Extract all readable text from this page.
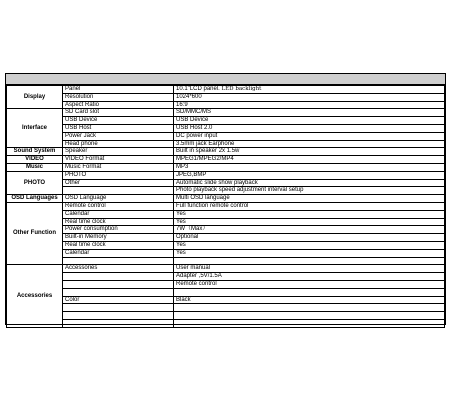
Display	Panel	10.1"LCD panel. LED backlight
	Resolution	1024*600
	Aspect Ratio	16:9
Interface	SD Card slot	SD/MMC/MS
	USB Device	USB Device
	USB Host	USB Host 2.0
	Power Jack	DC power input
	Head phone	3.5mm jack Earphone
Sound System	Speaker	Built in speaker 2x 1.5w
VIDEO	VIDEO Format	MPEG1/MPEG2/MP4
Music	Music Format	MP3
PHOTO	PHOTO	JPEG,BMP
	Other	Automatic slide show playback
		Photo playback speed adjustment interval setup
OSD Languages	OSD Language	Multi OSD language
Other Function	Remote control	Full function remote control
	Calendar	Yes
	Real time clock	Yes
	Power consumption	7W（Max）
	Built-in Memory	Optional
	Real time clock	Yes
	Calendar	Yes

Accessories	Accessories	User manual
		Adapter ,5V/1.5A
		Remote control

	Color	Black
